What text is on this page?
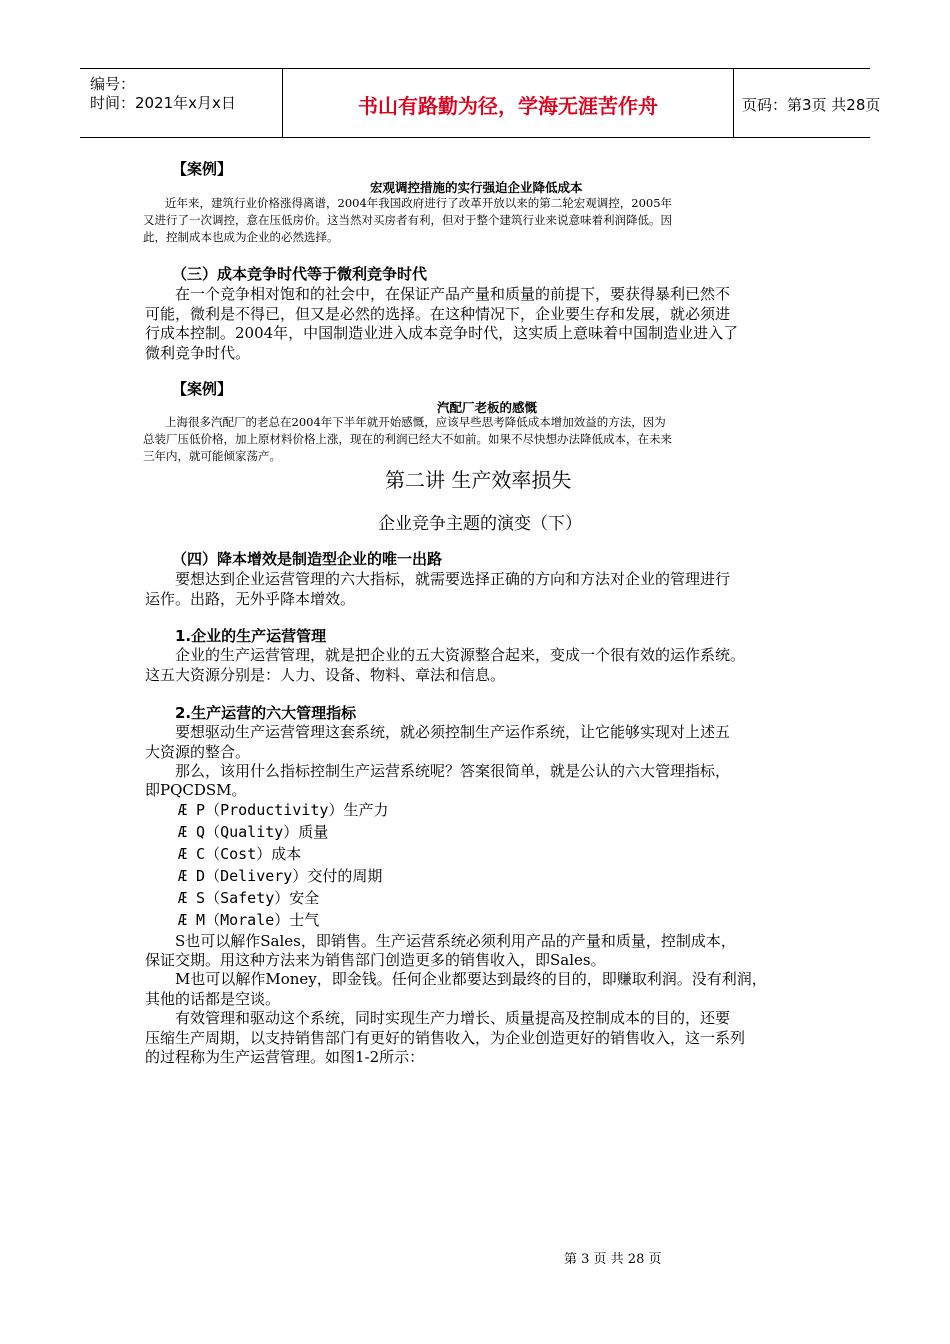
编号：
时间：2021年x月x日	书山有路勤为径，学海无涯苦作舟	页码：第3页 共28页
【案例】
宏观调控措施的实行强迫企业降低成本
近年来，建筑行业价格涨得离谱，2004年我国政府进行了改革开放以来的第二轮宏观调控，2005年
又进行了一次调控，意在压低房价。这当然对买房者有利，但对于整个建筑行业来说意味着利润降低。因
此，控制成本也成为企业的必然选择。
（三）成本竞争时代等于微利竞争时代
在一个竞争相对饱和的社会中，在保证产品产量和质量的前提下，要获得暴利已然不
可能，微利是不得已，但又是必然的选择。在这种情况下，企业要生存和发展，就必须进
行成本控制。2004年，中国制造业进入成本竞争时代，这实质上意味着中国制造业进入了
微利竞争时代。
【案例】
汽配厂老板的感慨
上海很多汽配厂的老总在2004年下半年就开始感慨，应该早些思考降低成本增加效益的方法，因为
总装厂压低价格，加上原材料价格上涨，现在的利润已经大不如前。如果不尽快想办法降低成本，在未来
三年内，就可能倾家荡产。
第二讲 生产效率损失
企业竞争主题的演变（下）
（四）降本增效是制造型企业的唯一出路
要想达到企业运营管理的六大指标，就需要选择正确的方向和方法对企业的管理进行
运作。出路，无外乎降本增效。
1.企业的生产运营管理
企业的生产运营管理，就是把企业的五大资源整合起来，变成一个很有效的运作系统。
这五大资源分别是：人力、设备、物料、章法和信息。
2.生产运营的六大管理指标
要想驱动生产运营管理这套系统，就必须控制生产运作系统，让它能够实现对上述五
大资源的整合。
那么，该用什么指标控制生产运营系统呢？答案很简单，就是公认的六大管理指标，
即PQCDSM。
Æ P（Productivity）生产力
Æ Q（Quality）质量
Æ C（Cost）成本
Æ D（Delivery）交付的周期
Æ S（Safety）安全
Æ M（Morale）士气
S也可以解作Sales，即销售。生产运营系统必须利用产品的产量和质量，控制成本，
保证交期。用这种方法来为销售部门创造更多的销售收入，即Sales。
M也可以解作Money，即金钱。任何企业都要达到最终的目的，即赚取利润。没有利润，
其他的话都是空谈。
有效管理和驱动这个系统，同时实现生产力增长、质量提高及控制成本的目的，还要
压缩生产周期，以支持销售部门有更好的销售收入，为企业创造更好的销售收入，这一系列
的过程称为生产运营管理。如图1-2所示：
第 3 页 共 28 页
